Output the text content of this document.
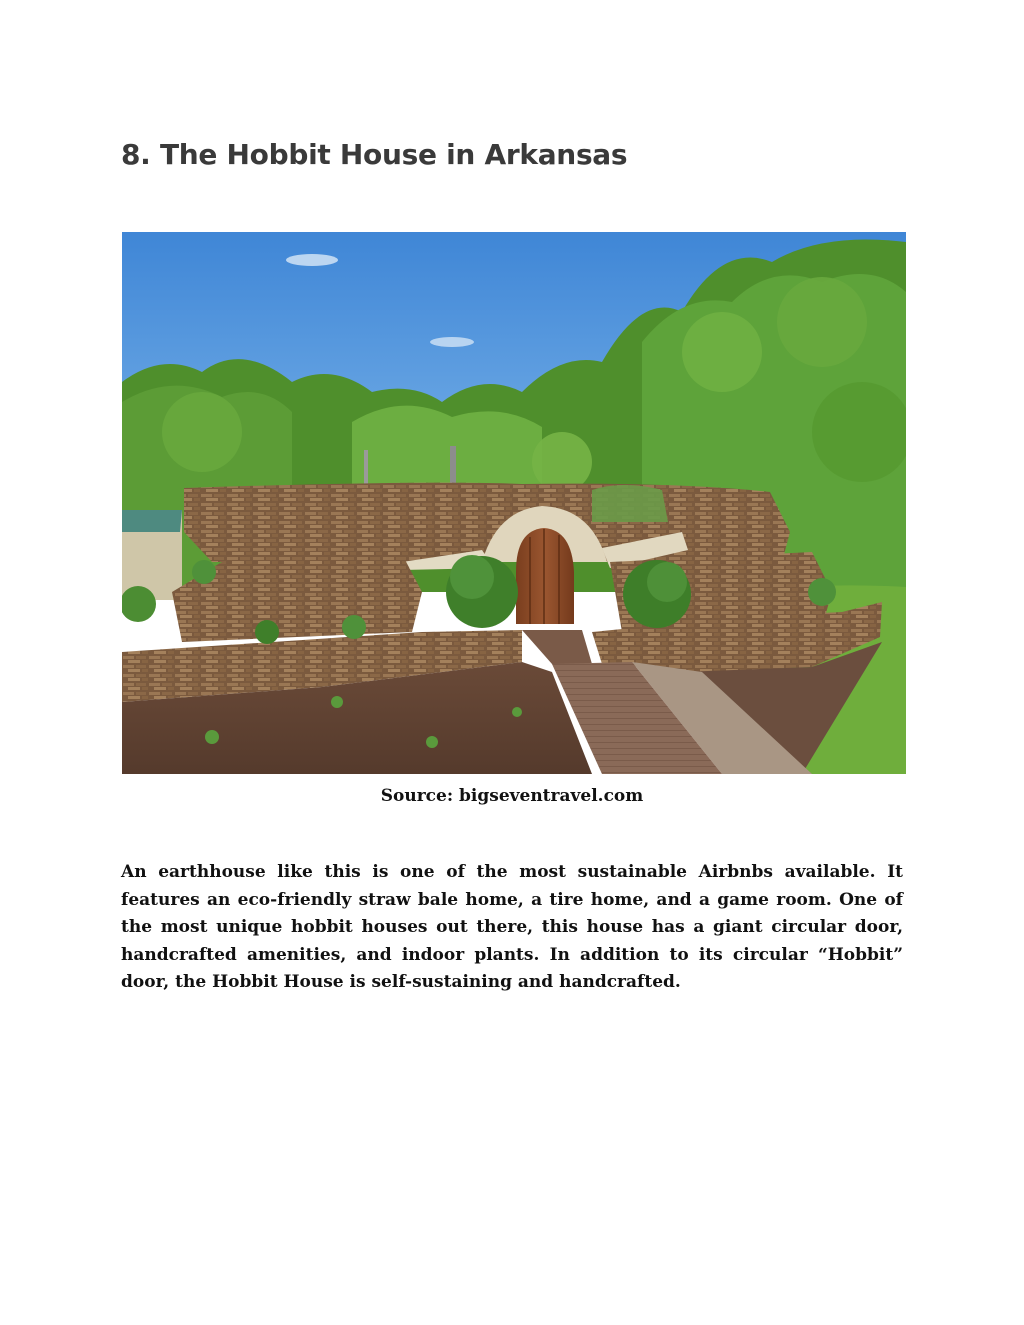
8. The Hobbit House in Arkansas

Source: bigseventravel.com

An earthhouse like this is one of the most sustainable Airbnbs available. It features an eco-friendly straw bale home, a tire home, and a game room. One of the most unique hobbit houses out there, this house has a giant circular door, handcrafted amenities, and indoor plants. In addition to its circular “Hobbit” door, the Hobbit House is self-sustaining and handcrafted.
